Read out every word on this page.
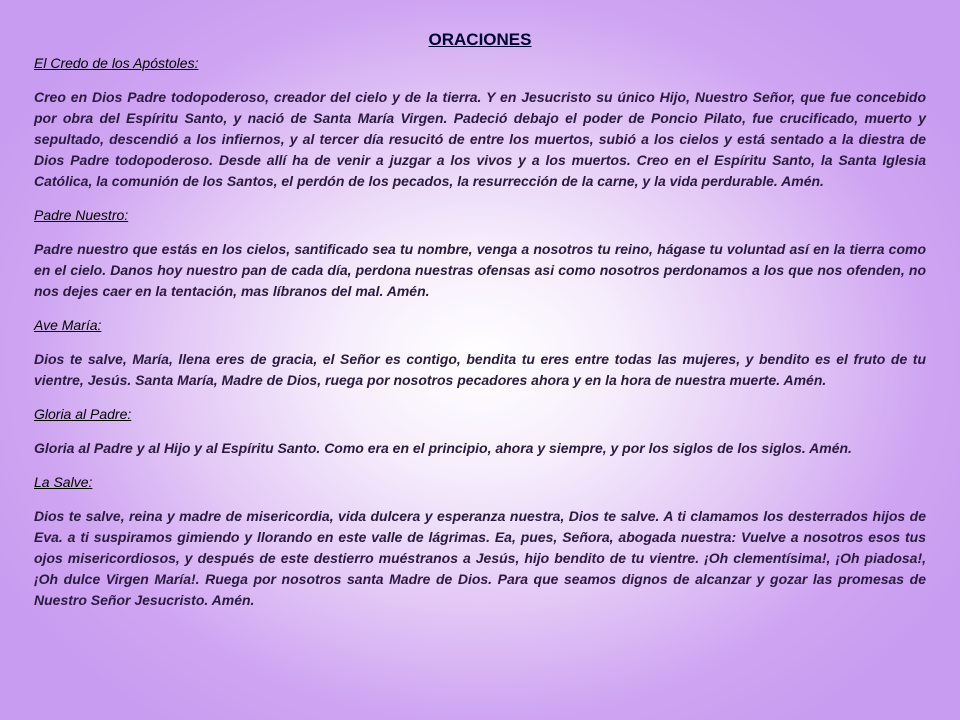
ORACIONES

El Credo de los Apóstoles:

Creo en Dios Padre todopoderoso, creador del cielo y de la tierra. Y en Jesucristo su único Hijo, Nuestro Señor, que fue concebido por obra del Espíritu Santo, y nació de Santa María Virgen. Padeció debajo el poder de Poncio Pilato, fue crucificado, muerto y sepultado, descendió a los infiernos, y al tercer día resucitó de entre los muertos, subió a los cielos y está sentado a la diestra de Dios Padre todopoderoso. Desde allí ha de venir a juzgar a los vivos y a los muertos. Creo en el Espíritu Santo, la Santa Iglesia Católica, la comunión de los Santos, el perdón de los pecados, la resurrección de la carne, y la vida perdurable. Amén.

Padre Nuestro:

Padre nuestro que estás en los cielos, santificado sea tu nombre, venga a nosotros tu reino, hágase tu voluntad así en la tierra como en el cielo. Danos hoy nuestro pan de cada día, perdona nuestras ofensas asi como nosotros perdonamos a los que nos ofenden, no nos dejes caer en la tentación, mas líbranos del mal. Amén.

Ave María:

Dios te salve, María, llena eres de gracia, el Señor es contigo, bendita tu eres entre todas las mujeres, y bendito es el fruto de tu vientre, Jesús. Santa María, Madre de Dios, ruega por nosotros pecadores ahora y en la hora de nuestra muerte. Amén.

Gloria al Padre:

Gloria al Padre y al Hijo y al Espíritu Santo. Como era en el principio, ahora y siempre, y por los siglos de los siglos. Amén.

La Salve:

Dios te salve, reina y madre de misericordia, vida dulcera y esperanza nuestra, Dios te salve. A ti clamamos los desterrados hijos de Eva. a ti suspiramos gimiendo y llorando en este valle de lágrimas. Ea, pues, Señora, abogada nuestra: Vuelve a nosotros esos tus ojos misericordiosos, y después de este destierro muéstranos a Jesús, hijo bendito de tu vientre. ¡Oh clementísima!, ¡Oh piadosa!, ¡Oh dulce Virgen María!. Ruega por nosotros santa Madre de Dios. Para que seamos dignos de alcanzar y gozar las promesas de Nuestro Señor Jesucristo. Amén.
